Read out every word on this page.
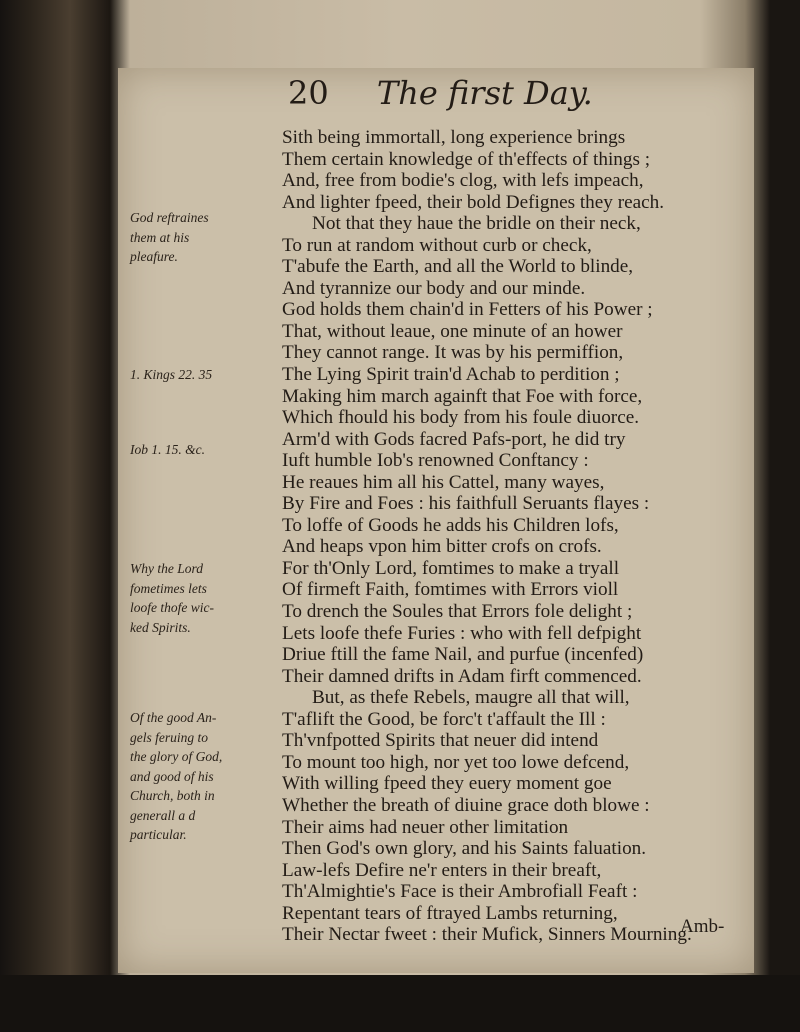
20 The first Day.
Sith being immortall, long experience brings
Them certain knowledge of th'effects of things ;
And, free from bodie's clog, with lefs impeach,
And lighter fpeed, their bold Defignes they reach.
Not that they haue the bridle on their neck,
To run at random without curb or check,
T'abufe the Earth, and all the World to blinde,
And tyrannize our body and our minde.
God holds them chain'd in Fetters of his Power ;
That, without leaue, one minute of an hower
They cannot range. It was by his permiffion,
The Lying Spirit train'd Achab to perdition ;
Making him march againft that Foe with force,
Which fhould his body from his foule diuorce.
Arm'd with Gods facred Pafs-port, he did try
Iuft humble Iob's renowned Conftancy :
He reaues him all his Cattel, many wayes,
By Fire and Foes : his faithfull Seruants flayes :
To loffe of Goods he adds his Children lofs,
And heaps vpon him bitter crofs on crofs.
For th'Only Lord, fomtimes to make a tryall
Of firmeft Faith, fomtimes with Errors violl
To drench the Soules that Errors fole delight ;
Lets loofe thefe Furies : who with fell defpight
Driue ftill the fame Nail, and purfue (incenfed)
Their damned drifts in Adam firft commenced.
But, as thefe Rebels, maugre all that will,
T'aflift the Good, be forc't t'affault the Ill :
Th'vnfpotted Spirits that neuer did intend
To mount too high, nor yet too lowe defcend,
With willing fpeed they euery moment goe
Whether the breath of diuine grace doth blowe :
Their aims had neuer other limitation
Then God's own glory, and his Saints faluation.
Law-lefs Defire ne'r enters in their breaft,
Th'Almightie's Face is their Ambrofiall Feaft :
Repentant tears of ftrayed Lambs returning,
Their Nectar fweet : their Mufick, Sinners Mourning.
God reftraines
them at his
pleafure.
1. Kings 22. 35
Iob 1. 15. &c.
Why the Lord
fometimes lets
loofe thofe wic-
ked Spirits.
Of the good An-
gels feruing to
the glory of God,
and good of his
Church, both in
generall a d
particular.
Amb-
